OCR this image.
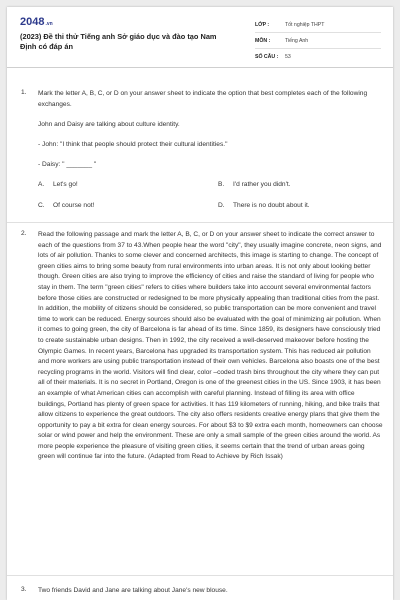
2048.vn
(2023) Đề thi thử Tiếng anh Sở giáo dục và đào tạo Nam Định có đáp án
LỚP :	Tốt nghiệp THPT
MÔN :	Tiếng Anh
SỐ CÂU :	53
1. Mark the letter A, B, C, or D on your answer sheet to indicate the option that best completes each of the following exchanges.

John and Daisy are talking about culture identity.

- John: "I think that people should protect their cultural identities."

- Daisy: " _______ "

A.	Let's go!	B.	I'd rather you didn't.
C.	Of course not!	D.	There is no doubt about it.
2. Read the following passage and mark the letter A, B, C, or D on your answer sheet to indicate the correct answer to each of the questions from 37 to 43.When people hear the word "city", they usually imagine concrete, neon signs, and lots of air pollution. Thanks to some clever and concerned architects, this image is starting to change. The concept of green cities aims to bring some beauty from rural environments into urban areas. It is not only about looking better though. Green cities are also trying to improve the efficiency of cities and raise the standard of living for people who stay in them. The term "green cities" refers to cities where builders take into account several environmental factors before those cities are constructed or redesigned to be more physically appealing than traditional cities from the past. In addition, the mobility of citizens should be considered, so public transportation can be more convenient and travel time to work can be reduced. Energy sources should also be evaluated with the goal of minimizing air pollution. When it comes to going green, the city of Barcelona is far ahead of its time. Since 1859, its designers have consciously tried to create sustainable urban designs. Then in 1992, the city received a well-deserved makeover before hosting the Olympic Games. In recent years, Barcelona has upgraded its transportation system. This has reduced air pollution and more workers are using public transportation instead of their own vehicles. Barcelona also boasts one of the best recycling programs in the world. Visitors will find clear, color –coded trash bins throughout the city where they can put all of their materials. It is no secret in Portland, Oregon is one of the greenest cities in the US. Since 1903, it has been an example of what American cities can accomplish with careful planning. Instead of filling its area with office buildings, Portland has plenty of green space for activities. It has 119 kilometers of running, hiking, and bike trails that allow citizens to experience the great outdoors. The city also offers residents creative energy plans that give them the opportunity to pay a bit extra for clean energy sources. For about $3 to $9 extra each month, homeowners can choose solar or wind power and help the environment. These are only a small sample of the green cities around the world. As more people experience the pleasure of visiting green cities, it seems certain that the trend of urban areas going green will continue far into the future. (Adapted from Read to Achieve by Rich Issak)

3. Two friends David and Jane are talking about Jane's new blouse.
